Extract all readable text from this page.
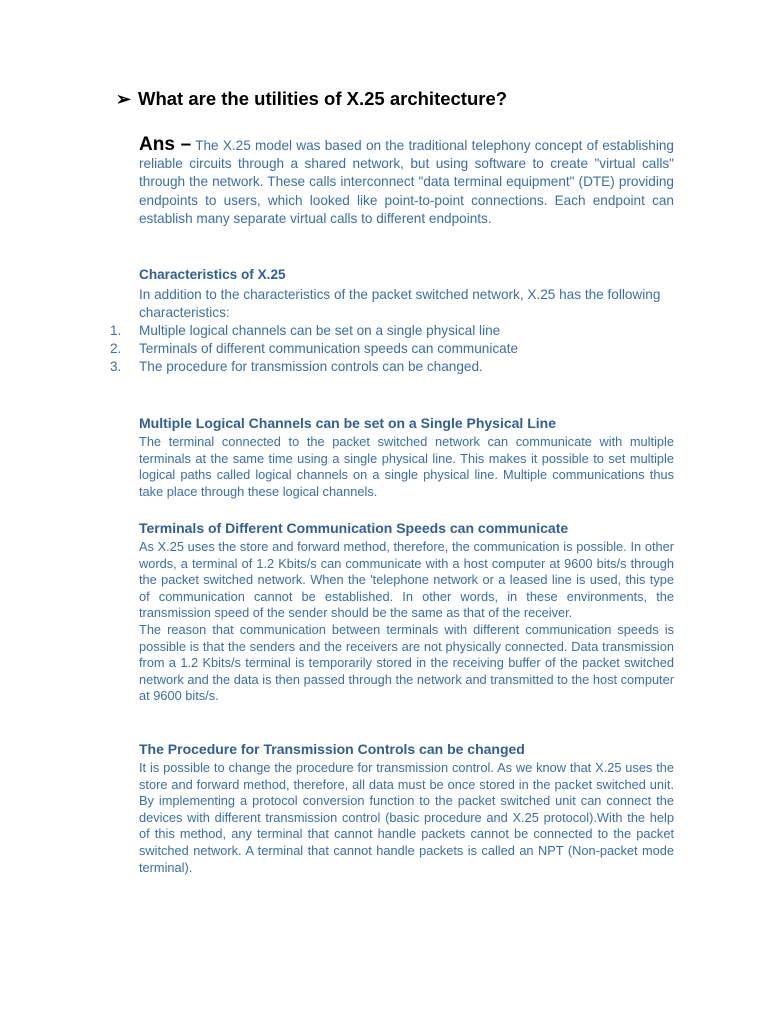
➢ What are the utilities of X.25 architecture?
Ans – The X.25 model was based on the traditional telephony concept of establishing reliable circuits through a shared network, but using software to create "virtual calls" through the network. These calls interconnect "data terminal equipment" (DTE) providing endpoints to users, which looked like point-to-point connections. Each endpoint can establish many separate virtual calls to different endpoints.
Characteristics of X.25
In addition to the characteristics of the packet switched network, X.25 has the following characteristics:
1.	Multiple logical channels can be set on a single physical line
2.	Terminals of different communication speeds can communicate
3.	The procedure for transmission controls can be changed.
Multiple Logical Channels can be set on a Single Physical Line

The terminal connected to the packet switched network can communicate with multiple terminals at the same time using a single physical line. This makes it possible to set multiple logical paths called logical channels on a single physical line. Multiple communications thus take place through these logical channels.

Terminals of Different Communication Speeds can communicate

As X.25 uses the store and forward method, therefore, the communication is possible. In other words, a terminal of 1.2 Kbits/s can communicate with a host computer at 9600 bits/s through the packet switched network. When the 'telephone network or a leased line is used, this type of communication cannot be established. In other words, in these environments, the transmission speed of the sender should be the same as that of the receiver.

The reason that communication between terminals with different communication speeds is possible is that the senders and the receivers are not physically connected. Data transmission from a 1.2 Kbits/s terminal is temporarily stored in the receiving buffer of the packet switched network and the data is then passed through the network and transmitted to the host computer at 9600 bits/s.

The Procedure for Transmission Controls can be changed

It is possible to change the procedure for transmission control. As we know that X.25 uses the store and forward method, therefore, all data must be once stored in the packet switched unit. By implementing a protocol conversion function to the packet switched unit can connect the devices with different transmission control (basic procedure and X.25 protocol).With the help of this method, any terminal that cannot handle packets cannot be connected to the packet switched network. A terminal that cannot handle packets is called an NPT (Non-packet mode terminal).
